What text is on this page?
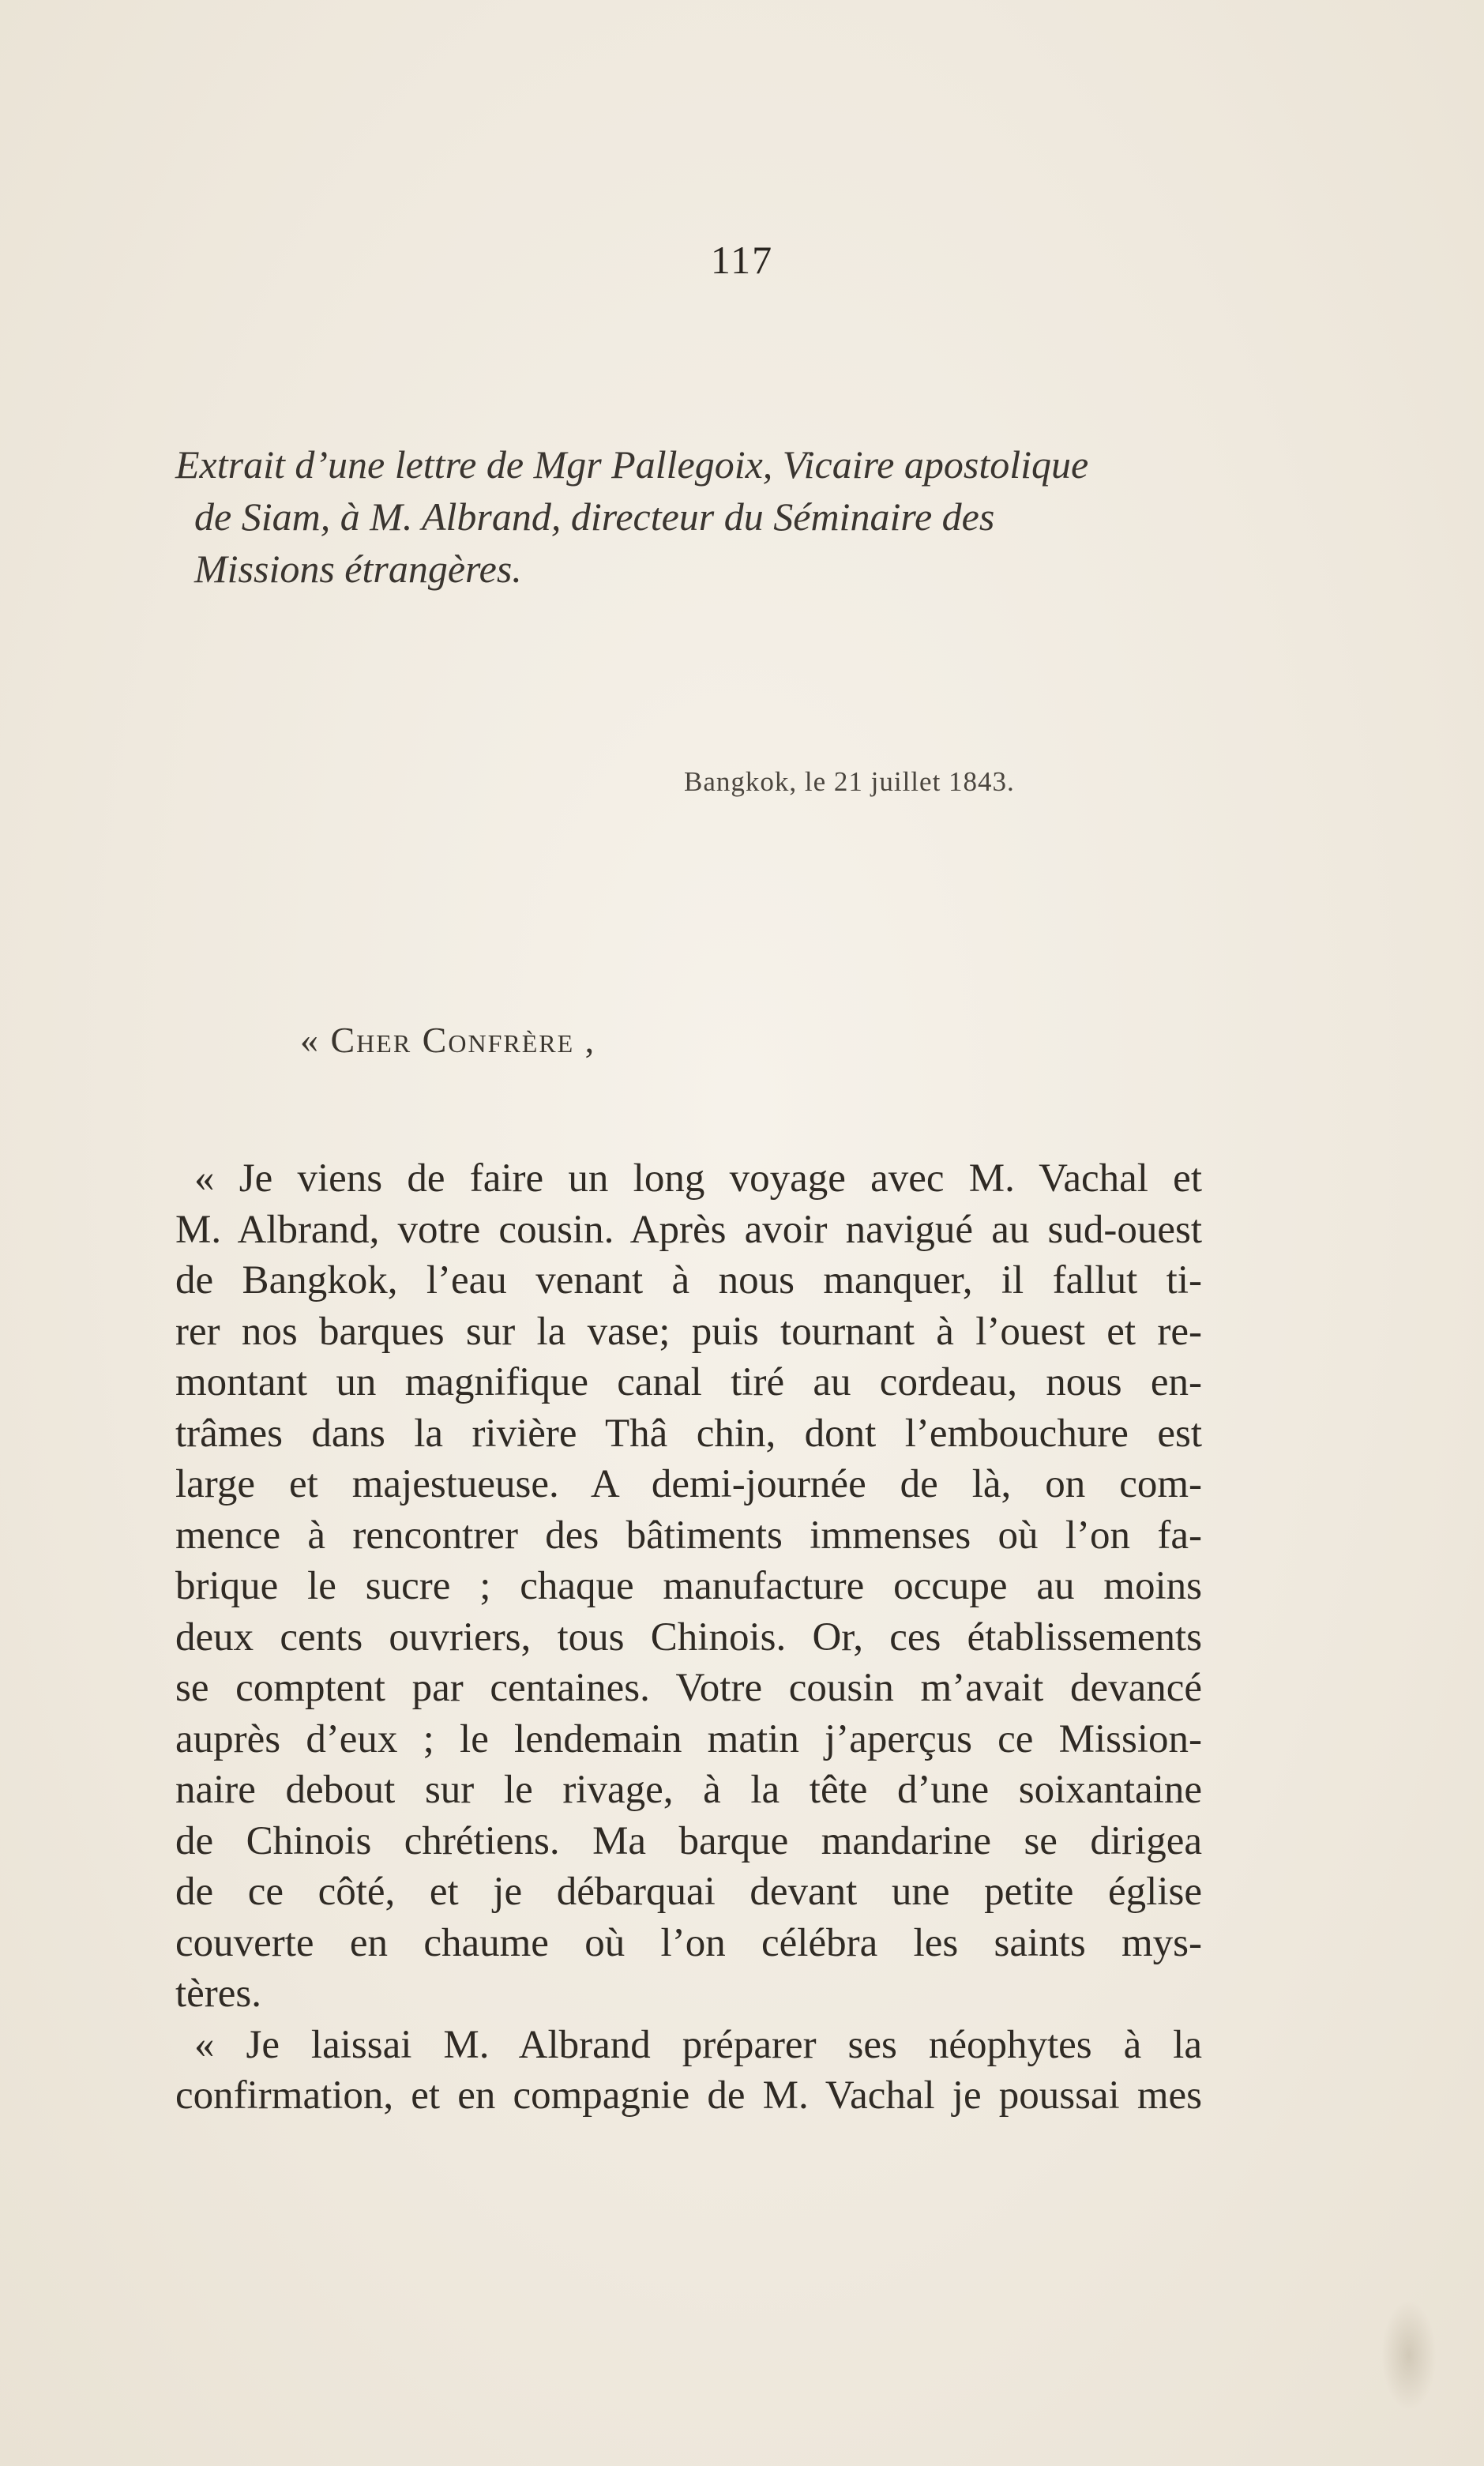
117
Extrait d’une lettre de Mgr Pallegoix, Vicaire apostolique
de Siam, à M. Albrand, directeur du Séminaire des
Missions étrangères.
Bangkok, le 21 juillet 1843.
« Cher Confrère ,
« Je viens de faire un long voyage avec M. Vachal et
M. Albrand, votre cousin. Après avoir navigué au sud-ouest
de Bangkok, l’eau venant à nous manquer, il fallut ti-
rer nos barques sur la vase; puis tournant à l’ouest et re-
montant un magnifique canal tiré au cordeau, nous en-
trâmes dans la rivière Thâ chin, dont l’embouchure est
large et majestueuse. A demi-journée de là, on com-
mence à rencontrer des bâtiments immenses où l’on fa-
brique le sucre ; chaque manufacture occupe au moins
deux cents ouvriers, tous Chinois. Or, ces établissements
se comptent par centaines. Votre cousin m’avait devancé
auprès d’eux ; le lendemain matin j’aperçus ce Mission-
naire debout sur le rivage, à la tête d’une soixantaine
de Chinois chrétiens. Ma barque mandarine se dirigea
de ce côté, et je débarquai devant une petite église
couverte en chaume où l’on célébra les saints mys-
tères.
« Je laissai M. Albrand préparer ses néophytes à la
confirmation, et en compagnie de M. Vachal je poussai mes
